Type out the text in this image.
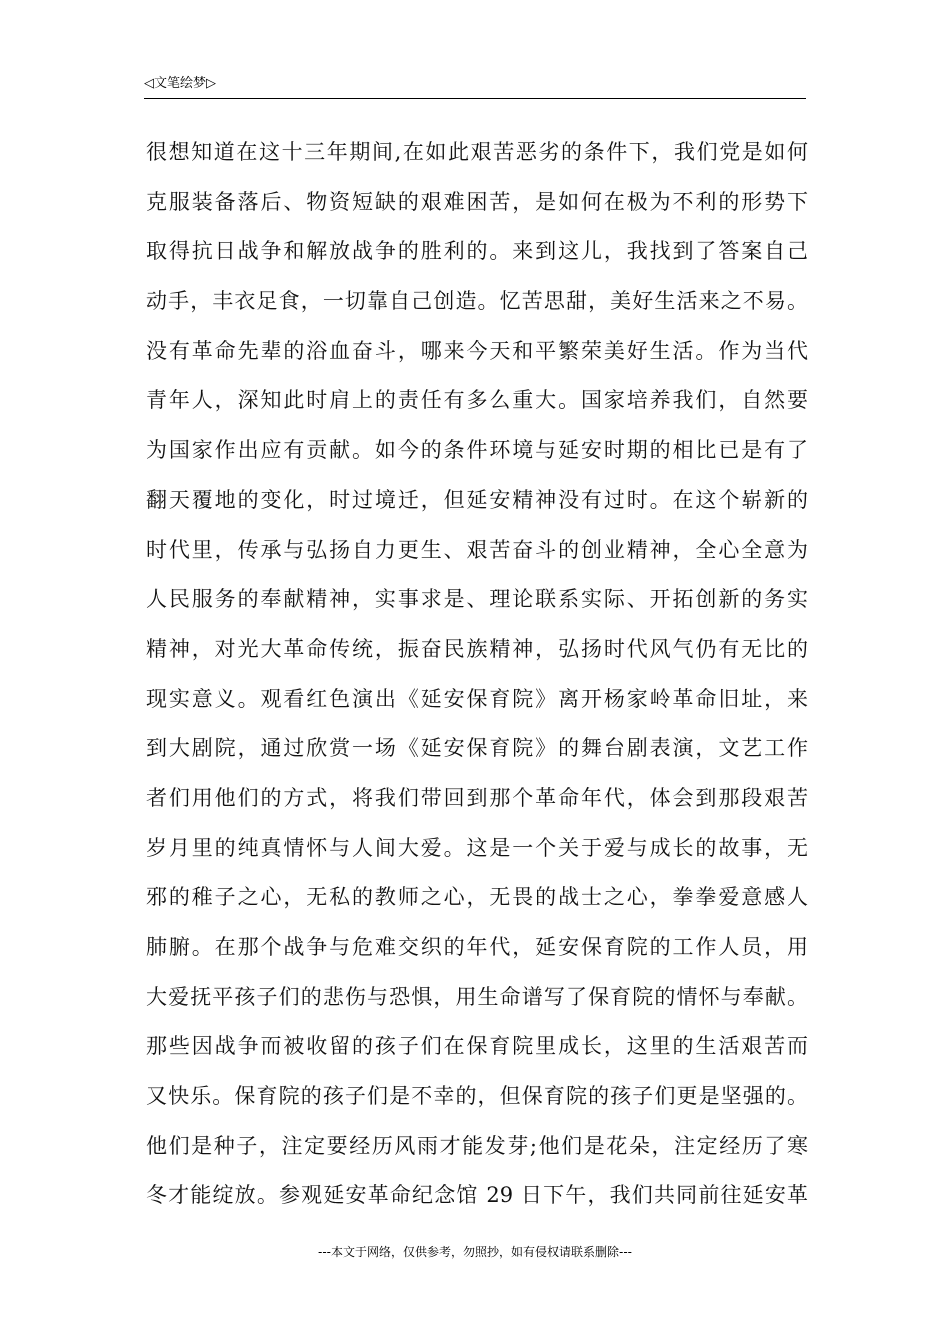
◁文笔绘梦▷
很想知道在这十三年期间,在如此艰苦恶劣的条件下，我们党是如何
克服装备落后、物资短缺的艰难困苦，是如何在极为不利的形势下
取得抗日战争和解放战争的胜利的。来到这儿，我找到了答案自己
动手，丰衣足食，一切靠自己创造。忆苦思甜，美好生活来之不易。
没有革命先辈的浴血奋斗，哪来今天和平繁荣美好生活。作为当代
青年人，深知此时肩上的责任有多么重大。国家培养我们，自然要
为国家作出应有贡献。如今的条件环境与延安时期的相比已是有了
翻天覆地的变化，时过境迁，但延安精神没有过时。在这个崭新的
时代里，传承与弘扬自力更生、艰苦奋斗的创业精神，全心全意为
人民服务的奉献精神，实事求是、理论联系实际、开拓创新的务实
精神，对光大革命传统，振奋民族精神，弘扬时代风气仍有无比的
现实意义。观看红色演出《延安保育院》离开杨家岭革命旧址，来
到大剧院，通过欣赏一场《延安保育院》的舞台剧表演，文艺工作
者们用他们的方式，将我们带回到那个革命年代，体会到那段艰苦
岁月里的纯真情怀与人间大爱。这是一个关于爱与成长的故事，无
邪的稚子之心，无私的教师之心，无畏的战士之心，拳拳爱意感人
肺腑。在那个战争与危难交织的年代，延安保育院的工作人员，用
大爱抚平孩子们的悲伤与恐惧，用生命谱写了保育院的情怀与奉献。
那些因战争而被收留的孩子们在保育院里成长，这里的生活艰苦而
又快乐。保育院的孩子们是不幸的，但保育院的孩子们更是坚强的。
他们是种子，注定要经历风雨才能发芽;他们是花朵，注定经历了寒
冬才能绽放。参观延安革命纪念馆 29 日下午，我们共同前往延安革
---本文于网络，仅供参考，勿照抄，如有侵权请联系删除---
